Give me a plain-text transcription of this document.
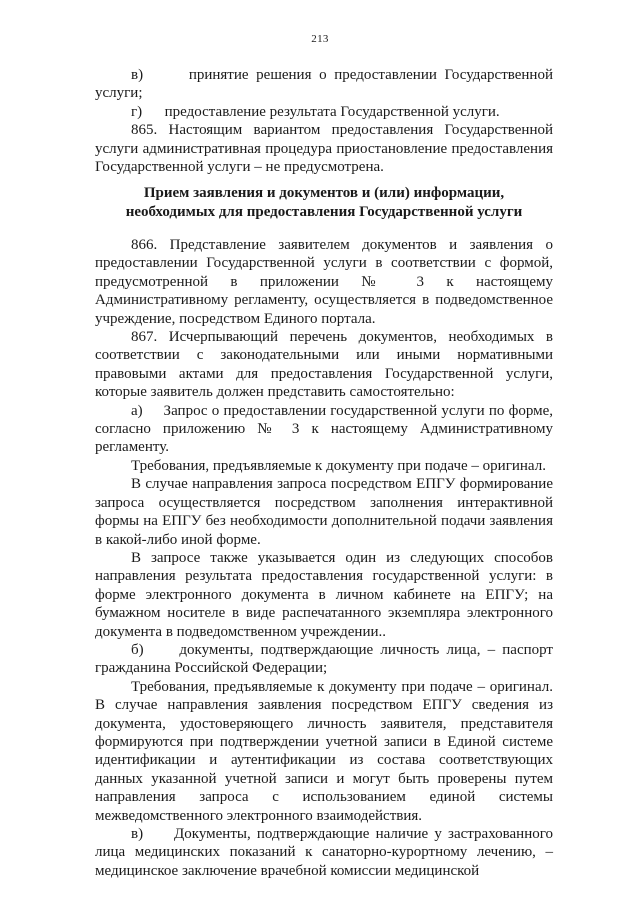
213

в)      принятие решения о предоставлении Государственной услуги;

г)      предоставление результата Государственной услуги.

865. Настоящим вариантом предоставления Государственной услуги административная процедура приостановление предоставления Государственной услуги – не предусмотрена.

Прием заявления и документов и (или) информации,
необходимых для предоставления Государственной услуги

866. Представление заявителем документов и заявления о предоставлении Государственной услуги в соответствии с формой, предусмотренной в приложении № 3 к настоящему Административному регламенту, осуществляется в подведомственное учреждение, посредством Единого портала.

867. Исчерпывающий перечень документов, необходимых в соответствии с законодательными или иными нормативными правовыми актами для предоставления Государственной услуги, которые заявитель должен представить самостоятельно:

а)     Запрос о предоставлении государственной услуги по форме, согласно приложению № 3 к настоящему Административному регламенту.

Требования, предъявляемые к документу при подаче – оригинал.

В случае направления запроса посредством ЕПГУ формирование запроса осуществляется посредством заполнения интерактивной формы на ЕПГУ без необходимости дополнительной подачи заявления в какой-либо иной форме.

В запросе также указывается один из следующих способов направления результата предоставления государственной услуги: в форме электронного документа в личном кабинете на ЕПГУ; на бумажном носителе в виде распечатанного экземпляра электронного документа в подведомственном учреждении..

б)     документы, подтверждающие личность лица, – паспорт гражданина Российской Федерации;

Требования, предъявляемые к документу при подаче – оригинал. В случае направления заявления посредством ЕПГУ сведения из документа, удостоверяющего личность заявителя, представителя формируются при подтверждении учетной записи в Единой системе идентификации и аутентификации из состава соответствующих данных указанной учетной записи и могут быть проверены путем направления запроса с использованием единой системы межведомственного электронного взаимодействия.

в)     Документы, подтверждающие наличие у застрахованного лица медицинских показаний к санаторно-курортному лечению, – медицинское заключение врачебной комиссии медицинской
